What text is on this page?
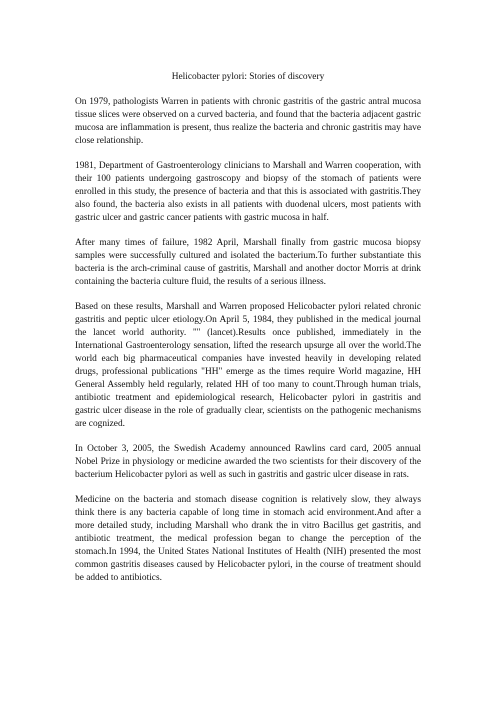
Helicobacter pylori: Stories of discovery

On 1979, pathologists Warren in patients with chronic gastritis of the gastric antral mucosa tissue slices were observed on a curved bacteria, and found that the bacteria adjacent gastric mucosa are inflammation is present, thus realize the bacteria and chronic gastritis may have close relationship.

1981, Department of Gastroenterology clinicians to Marshall and Warren cooperation, with their 100 patients undergoing gastroscopy and biopsy of the stomach of patients were enrolled in this study, the presence of bacteria and that this is associated with gastritis.They also found, the bacteria also exists in all patients with duodenal ulcers, most patients with gastric ulcer and gastric cancer patients with gastric mucosa in half.

After many times of failure, 1982 April, Marshall finally from gastric mucosa biopsy samples were successfully cultured and isolated the bacterium.To further substantiate this bacteria is the arch-criminal cause of gastritis, Marshall and another doctor Morris at drink containing the bacteria culture fluid, the results of a serious illness.

Based on these results, Marshall and Warren proposed Helicobacter pylori related chronic gastritis and peptic ulcer etiology.On April 5, 1984, they published in the medical journal the lancet world authority. "" (lancet).Results once published, immediately in the International Gastroenterology sensation, lifted the research upsurge all over the world.The world each big pharmaceutical companies have invested heavily in developing related drugs, professional publications "HH" emerge as the times require World magazine, HH General Assembly held regularly, related HH of too many to count.Through human trials, antibiotic treatment and epidemiological research, Helicobacter pylori in gastritis and gastric ulcer disease in the role of gradually clear, scientists on the pathogenic mechanisms are cognized.

In October 3, 2005, the Swedish Academy announced Rawlins card card, 2005 annual Nobel Prize in physiology or medicine awarded the two scientists for their discovery of the bacterium Helicobacter pylori as well as such in gastritis and gastric ulcer disease in rats.

Medicine on the bacteria and stomach disease cognition is relatively slow, they always think there is any bacteria capable of long time in stomach acid environment.And after a more detailed study, including Marshall who drank the in vitro Bacillus get gastritis, and antibiotic treatment, the medical profession began to change the perception of the stomach.In 1994, the United States National Institutes of Health (NIH) presented the most common gastritis diseases caused by Helicobacter pylori, in the course of treatment should be added to antibiotics.
